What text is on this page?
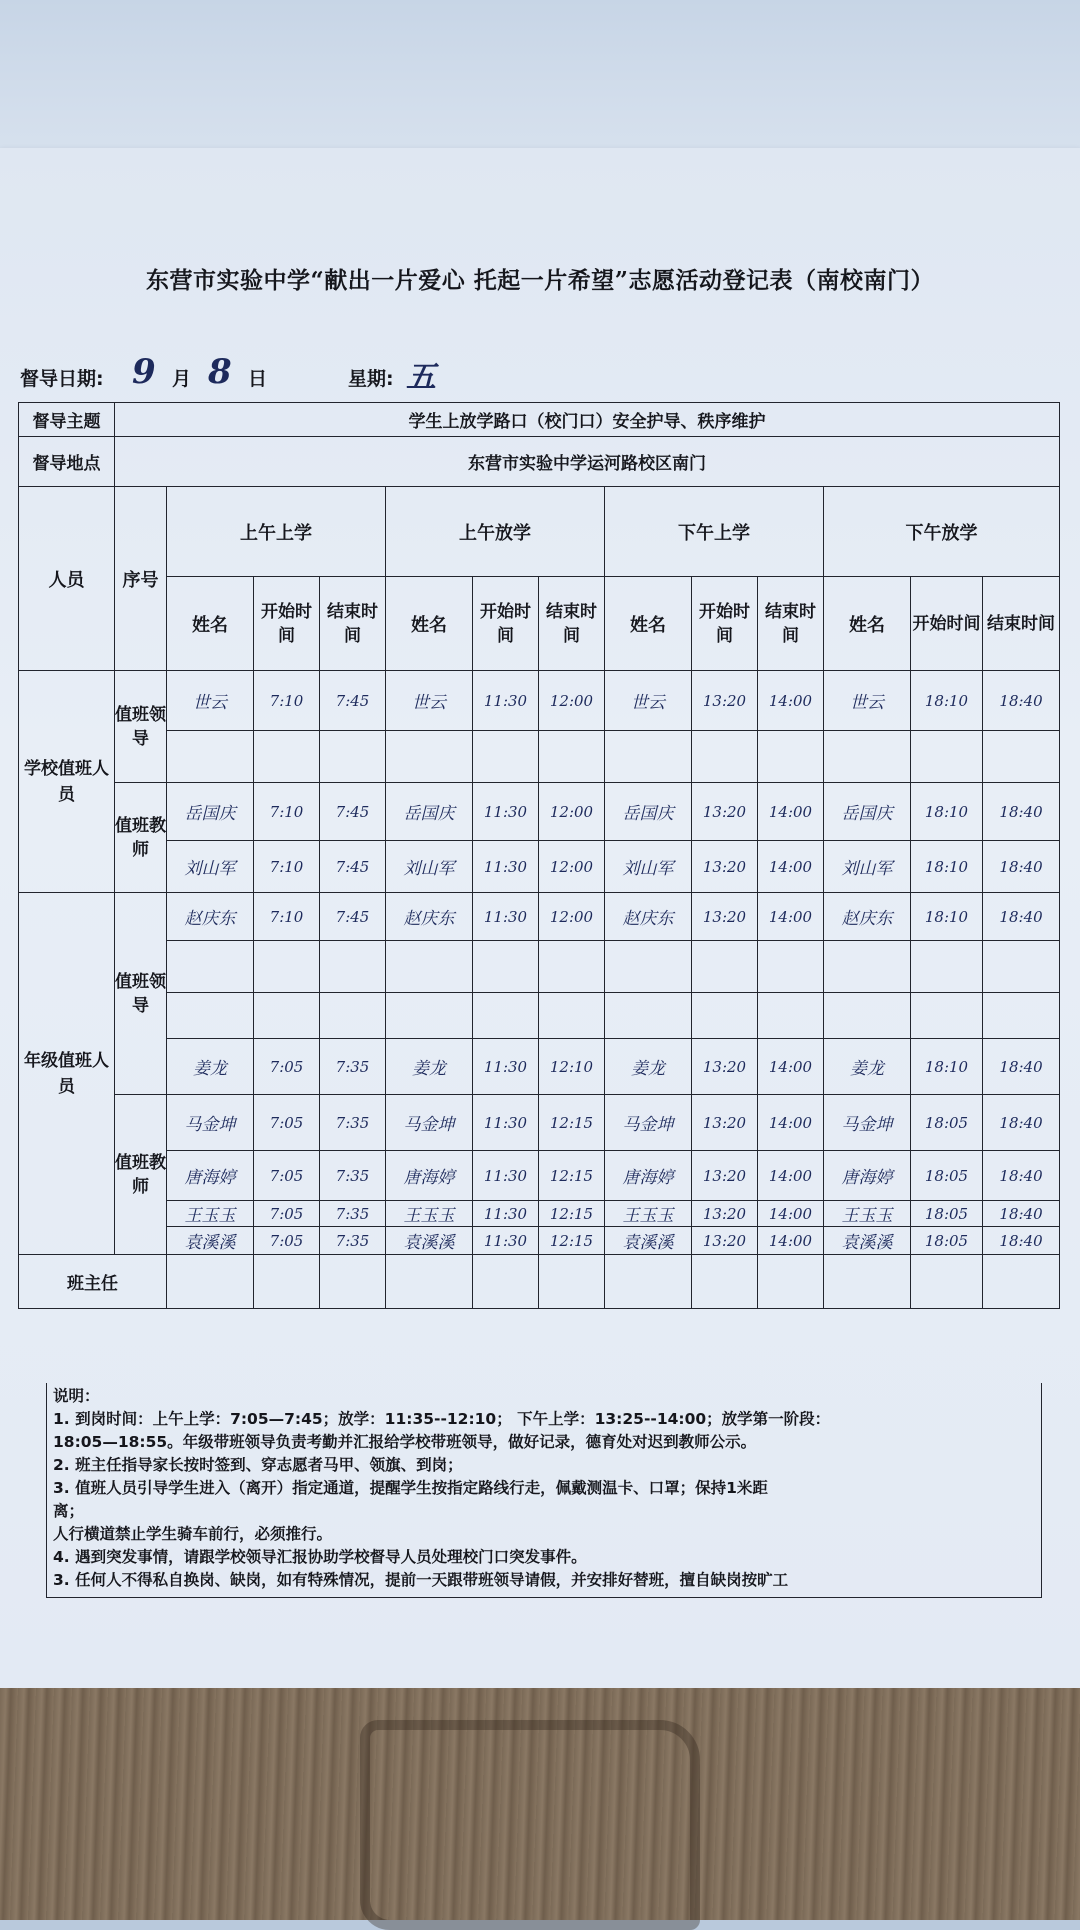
东营市实验中学“献出一片爱心 托起一片希望”志愿活动登记表（南校南门）
督导日期: 9 月 8 日	星期: 五
督导主题	学生上放学路口（校门口）安全护导、秩序维护												
督导地点	东营市实验中学运河路校区南门												
人员	序号	上午上学			上午放学			下午上学			下午放学		
		姓名	开始时间	结束时间	姓名	开始时间	结束时间	姓名	开始时间	结束时间	姓名	开始时间	结束时间
学校值班人员	值班领导	世云	7:10	7:45	世云	11:30	12:00	世云	13:20	14:00	世云	18:10	18:40

	值班教师	岳国庆	7:10	7:45	岳国庆	11:30	12:00	岳国庆	13:20	14:00	岳国庆	18:10	18:40
		刘山军	7:10	7:45	刘山军	11:30	12:00	刘山军	13:20	14:00	刘山军	18:10	18:40
年级值班人员	值班领导	赵庆东	7:10	7:45	赵庆东	11:30	12:00	赵庆东	13:20	14:00	赵庆东	18:10	18:40

		姜龙	7:05	7:35	姜龙	11:30	12:10	姜龙	13:20	14:00	姜龙	18:10	18:40
	值班教师	马金坤	7:05	7:35	马金坤	11:30	12:15	马金坤	13:20	14:00	马金坤	18:05	18:40
		唐海婷	7:05	7:35	唐海婷	11:30	12:15	唐海婷	13:20	14:00	唐海婷	18:05	18:40
		王玉玉	7:05	7:35	王玉玉	11:30	12:15	王玉玉	13:20	14:00	王玉玉	18:05	18:40
		袁溪溪	7:05	7:35	袁溪溪	11:30	12:15	袁溪溪	13:20	14:00	袁溪溪	18:05	18:40
班主任													
说明：
1. 到岗时间：上午上学：7:05—7:45；放学：11:35--12:10； 下午上学：13:25--14:00；放学第一阶段：
18:05—18:55。年级带班领导负责考勤并汇报给学校带班领导，做好记录，德育处对迟到教师公示。
2. 班主任指导家长按时签到、穿志愿者马甲、领旗、到岗；
3. 值班人员引导学生进入（离开）指定通道，提醒学生按指定路线行走，佩戴测温卡、口罩；保持1米距
离；
人行横道禁止学生骑车前行，必须推行。
4. 遇到突发事情，请跟学校领导汇报协助学校督导人员处理校门口突发事件。
3. 任何人不得私自换岗、缺岗，如有特殊情况，提前一天跟带班领导请假，并安排好替班，擅自缺岗按旷工
